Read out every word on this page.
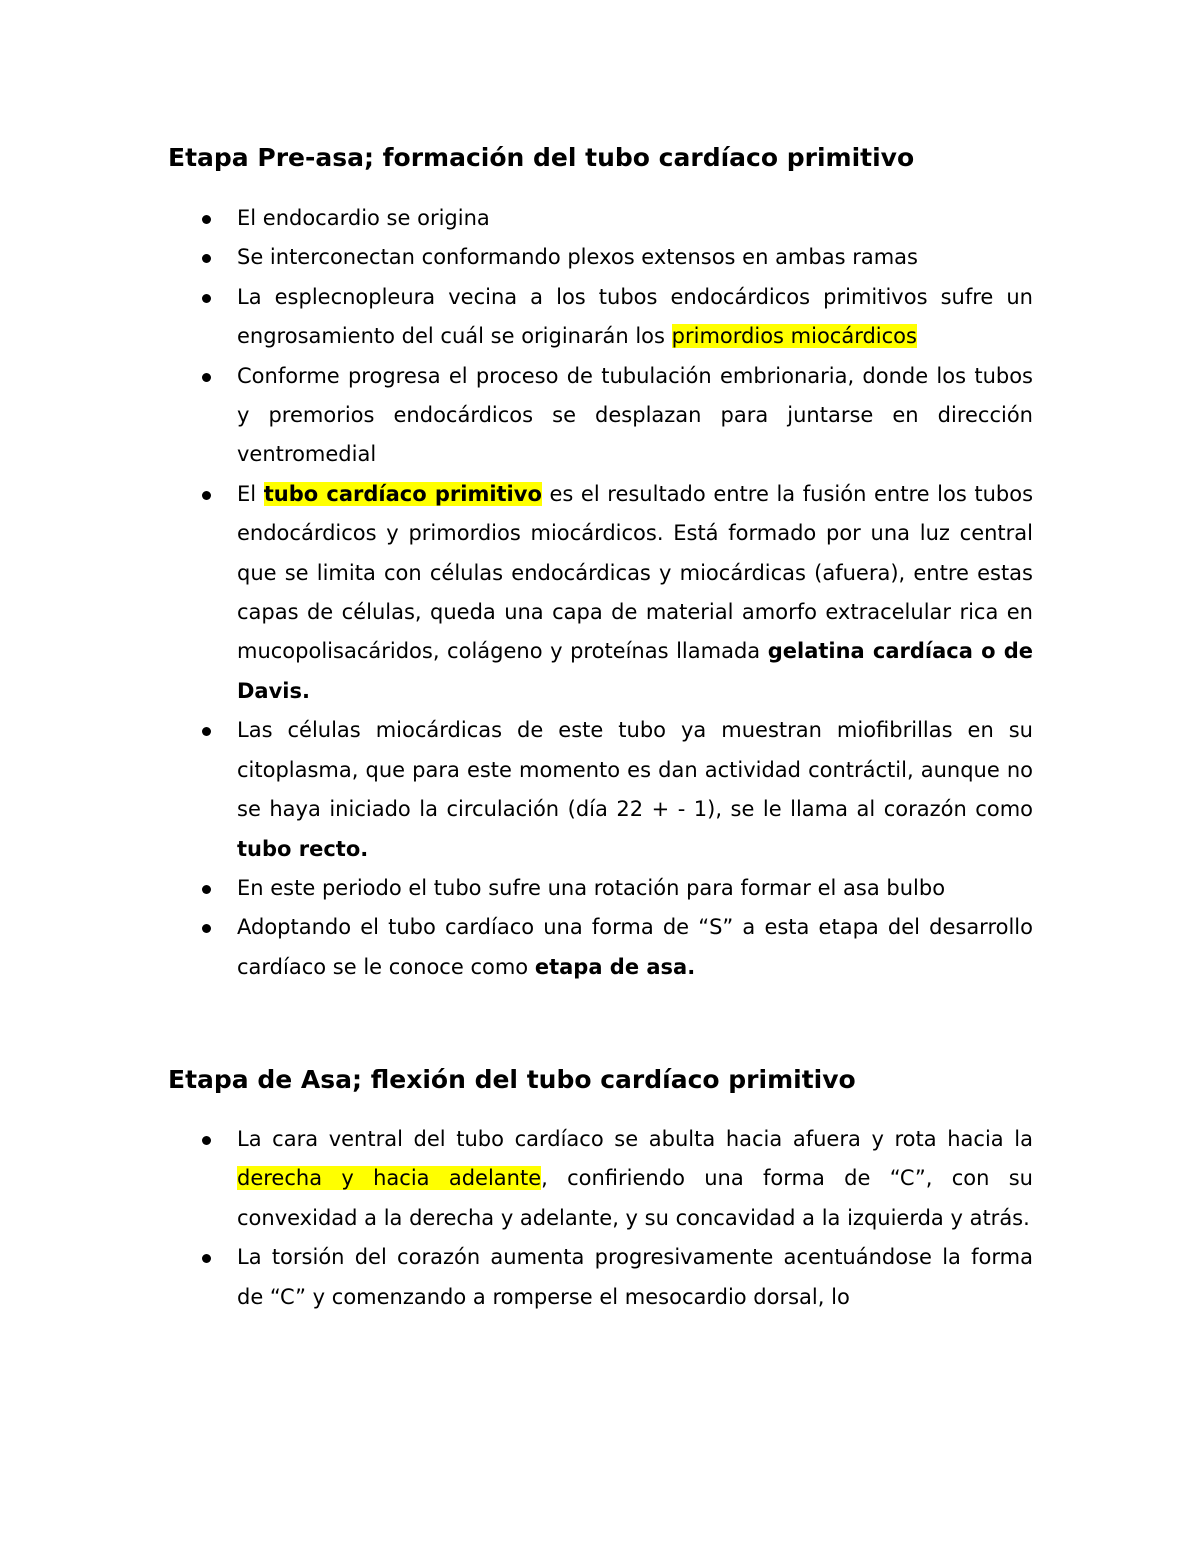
Etapa Pre-asa; formación del tubo cardíaco primitivo
El endocardio se origina
Se interconectan conformando plexos extensos en ambas ramas
La esplecnopleura vecina a los tubos endocárdicos primitivos sufre un engrosamiento del cuál se originarán los primordios miocárdicos
Conforme progresa el proceso de tubulación embrionaria, donde los tubos y premorios endocárdicos se desplazan para juntarse en dirección ventromedial
El tubo cardíaco primitivo es el resultado entre la fusión entre los tubos endocárdicos y primordios miocárdicos. Está formado por una luz central que se limita con células endocárdicas y miocárdicas (afuera), entre estas capas de células, queda una capa de material amorfo extracelular rica en mucopolisacáridos, colágeno y proteínas llamada gelatina cardíaca o de Davis.
Las células miocárdicas de este tubo ya muestran miofibrillas en su citoplasma, que para este momento es dan actividad contráctil, aunque no se haya iniciado la circulación (día 22 + - 1), se le llama al corazón como tubo recto.
En este periodo el tubo sufre una rotación para formar el asa bulbo
Adoptando el tubo cardíaco una forma de “S” a esta etapa del desarrollo cardíaco se le conoce como etapa de asa.
Etapa de Asa; flexión del tubo cardíaco primitivo
La cara ventral del tubo cardíaco se abulta hacia afuera y rota hacia la derecha y hacia adelante, confiriendo una forma de “C”, con su convexidad a la derecha y adelante, y su concavidad a la izquierda y atrás.
La torsión del corazón aumenta progresivamente acentuándose la forma de “C” y comenzando a romperse el mesocardio dorsal, lo
